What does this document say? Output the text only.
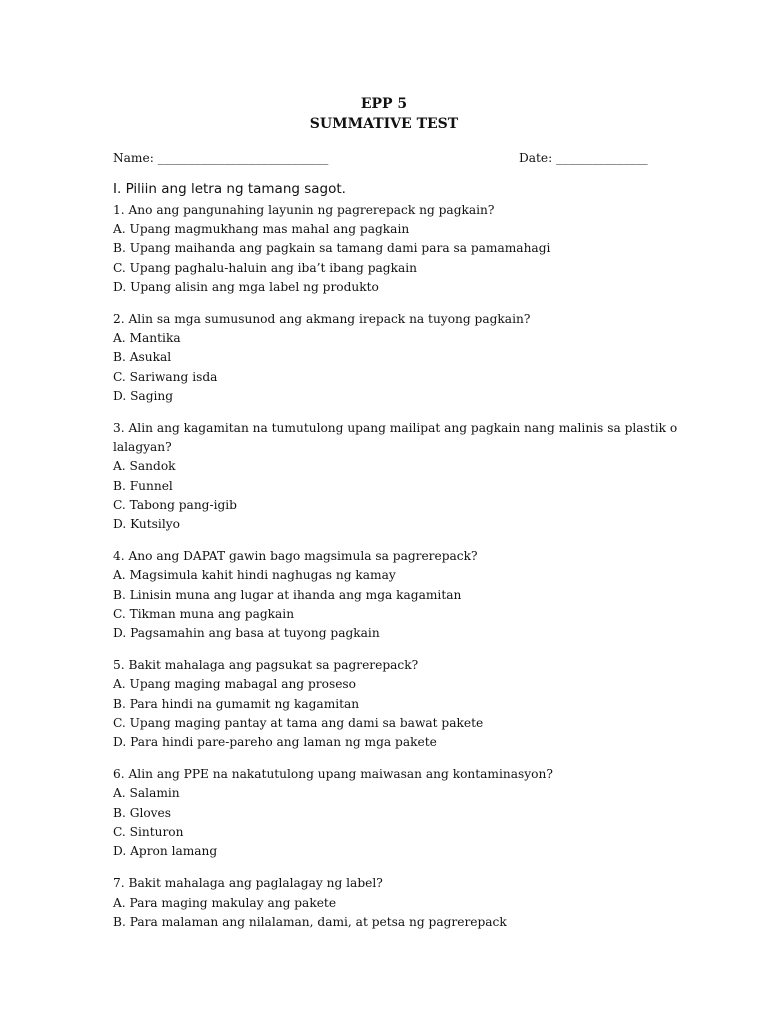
EPP 5
SUMMATIVE TEST
Name: ____________________________	Date: _______________
I. Piliin ang letra ng tamang sagot.
1. Ano ang pangunahing layunin ng pagrerepack ng pagkain?
A. Upang magmukhang mas mahal ang pagkain
B. Upang maihanda ang pagkain sa tamang dami para sa pamamahagi
C. Upang paghalu-haluin ang iba’t ibang pagkain
D. Upang alisin ang mga label ng produkto
2. Alin sa mga sumusunod ang akmang irepack na tuyong pagkain?
A. Mantika
B. Asukal
C. Sariwang isda
D. Saging
3. Alin ang kagamitan na tumutulong upang mailipat ang pagkain nang malinis sa plastik o
lalagyan?
A. Sandok
B. Funnel
C. Tabong pang-igib
D. Kutsilyo
4. Ano ang DAPAT gawin bago magsimula sa pagrerepack?
A. Magsimula kahit hindi naghugas ng kamay
B. Linisin muna ang lugar at ihanda ang mga kagamitan
C. Tikman muna ang pagkain
D. Pagsamahin ang basa at tuyong pagkain
5. Bakit mahalaga ang pagsukat sa pagrerepack?
A. Upang maging mabagal ang proseso
B. Para hindi na gumamit ng kagamitan
C. Upang maging pantay at tama ang dami sa bawat pakete
D. Para hindi pare-pareho ang laman ng mga pakete
6. Alin ang PPE na nakatutulong upang maiwasan ang kontaminasyon?
A. Salamin
B. Gloves
C. Sinturon
D. Apron lamang
7. Bakit mahalaga ang paglalagay ng label?
A. Para maging makulay ang pakete
B. Para malaman ang nilalaman, dami, at petsa ng pagrerepack
